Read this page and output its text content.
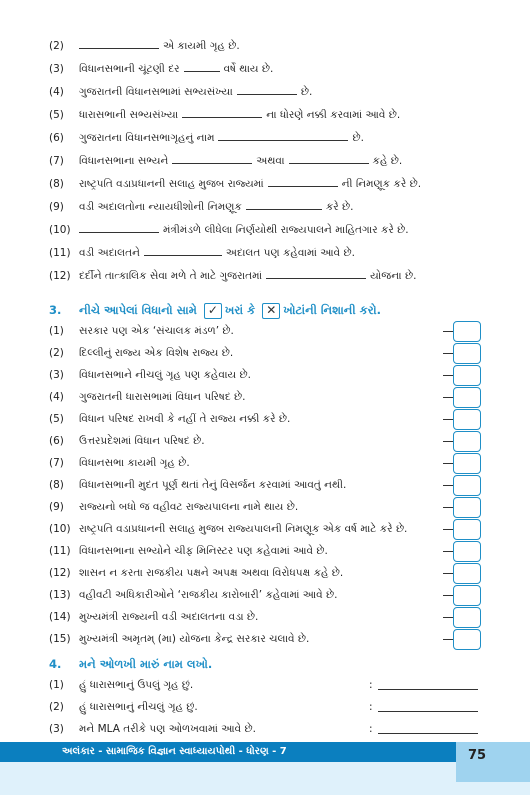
(2)	એ કાયમી ગૃહ છે.
(3)	વિધાનસભાની ચૂંટણી દર	વર્ષે થાય છે.
(4)	ગુજરાતની વિધાનસભામાં સભ્યસંખ્યા	છે.
(5)	ધારાસભાની સભ્યસંખ્યા	ના ધોરણે નક્કી કરવામાં આવે છે.
(6)	ગુજરાતના વિધાનસભાગૃહનું નામ	છે.
(7)	વિધાનસભાના સભ્યને	અથવા	કહે છે.
(8)	રાષ્ટ્રપતિ વડાપ્રધાનની સલાહ મુજબ રાજ્યમાં	ની નિમણૂક કરે છે.
(9)	વડી અદાલતોના ન્યાયધીશોની નિમણૂક	કરે છે.
(10)	મંત્રીમંડળે લીધેલા નિર્ણયોથી રાજ્યપાલને માહિતગાર કરે છે.
(11) વડી અદાલતને	અદાલત પણ કહેવામાં આવે છે.
(12) દર્દીને તાત્કાલિક સેવા મળે તે માટે ગુજરાતમાં	યોજના છે.
3. નીચે આપેલાં વિધાનો સામે ✓ ખરાં કે ✕ ખોટાંની નિશાની કરો.
(1)	સરકાર પણ એક ‘સંચાલક મંડળ’ છે.
(2)	દિલ્લીનું રાજ્ય એક વિશેષ રાજ્ય છે.
(3)	વિધાનસભાને નીચલું ગૃહ પણ કહેવાય છે.
(4)	ગુજરાતની ધારાસભામાં વિધાન પરિષદ છે.
(5)	વિધાન પરિષદ રાખવી કે નહીં તે રાજ્ય નક્કી કરે છે.
(6)	ઉત્તરપ્રદેશમાં વિધાન પરિષદ છે.
(7)	વિધાનસભા કાયમી ગૃહ છે.
(8)	વિધાનસભાની મુદત પૂર્ણ થતાં તેનું વિસર્જન કરવામાં આવતું નથી.
(9)	રાજ્યનો બધો જ વહીવટ રાજ્યપાલના નામે થાય છે.
(10) રાષ્ટ્રપતિ વડાપ્રધાનની સલાહ મુજબ રાજ્યપાલની નિમણૂક એક વર્ષ માટે કરે છે.
(11) વિધાનસભાના સભ્યોને ચીફ મિનિસ્ટર પણ કહેવામાં આવે છે.
(12) શાસન ન કરતા રાજકીય પક્ષને અપક્ષ અથવા વિરોધપક્ષ કહે છે.
(13) વહીવટી અધિકારીઓને ‘રાજકીય કારોબારી’ કહેવામાં આવે છે.
(14) મુખ્યમંત્રી રાજ્યની વડી અદાલતના વડા છે.
(15) મુખ્યમંત્રી અમૃતમ્ (મા) યોજના કેન્દ્ર સરકાર ચલાવે છે.
4. મને ઓળખી મારું નામ લખો.
(1)	હું ધારાસભાનું ઉપલું ગૃહ છું.	:
(2)	હું ધારાસભાનું નીચલું ગૃહ છું.	:
(3)	મને MLA તરીકે પણ ઓળખવામાં આવે છે.	:
અલંકાર - સામાજિક વિજ્ઞાન સ્વાધ્યાયપોથી - ધોરણ - 7	75
